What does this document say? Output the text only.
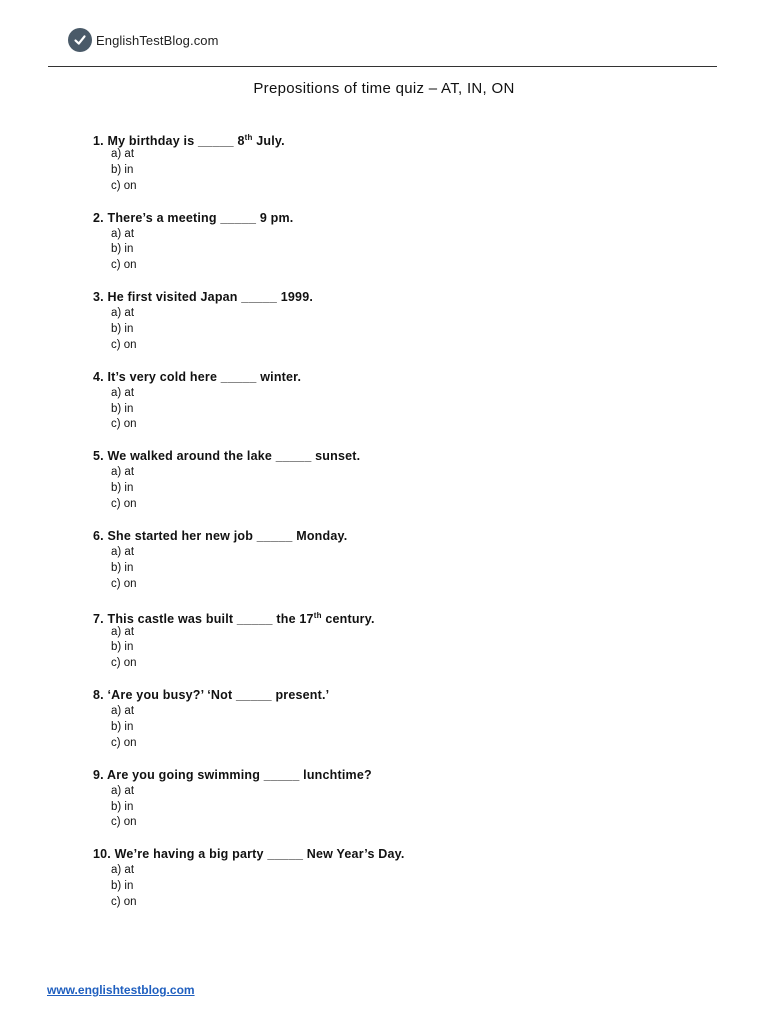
EnglishTestBlog.com
Prepositions of time quiz – AT, IN, ON
1. My birthday is _____ 8th July.
a) at
b) in
c) on
2. There’s a meeting _____ 9 pm.
a) at
b) in
c) on
3. He first visited Japan _____ 1999.
a) at
b) in
c) on
4. It’s very cold here _____ winter.
a) at
b) in
c) on
5. We walked around the lake _____ sunset.
a) at
b) in
c) on
6. She started her new job _____ Monday.
a) at
b) in
c) on
7. This castle was built _____ the 17th century.
a) at
b) in
c) on
8. ‘Are you busy?’ ‘Not _____ present.’
a) at
b) in
c) on
9. Are you going swimming _____ lunchtime?
a) at
b) in
c) on
10. We’re having a big party _____ New Year’s Day.
a) at
b) in
c) on
www.englishtestblog.com
